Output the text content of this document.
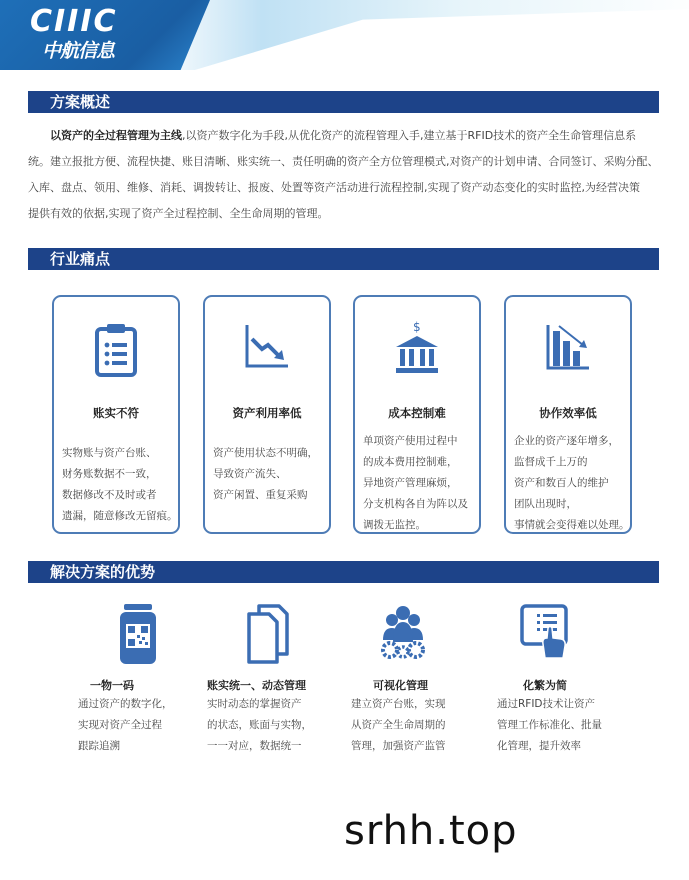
CIIIC
中航信息
方案概述
以资产的全过程管理为主线,以资产数字化为手段,从优化资产的流程管理入手,建立基于RFID技术的资产全生命管理信息系
统。建立报批方便、流程快捷、账目清晰、账实统一、责任明确的资产全方位管理模式,对资产的计划申请、合同签订、采购分配、
入库、盘点、领用、维修、消耗、调拨转让、报废、处置等资产活动进行流程控制,实现了资产动态变化的实时监控,为经营决策
提供有效的依据,实现了资产全过程控制、全生命周期的管理。
行业痛点
账实不符
实物账与资产台账、
财务账数据不一致，
数据修改不及时或者
遗漏，随意修改无留痕。
资产利用率低
资产使用状态不明确，
导致资产流失、
资产闲置、重复采购
$
成本控制难
单项资产使用过程中
的成本费用控制难，
异地资产管理麻烦，
分支机构各自为阵以及
调拨无监控。
协作效率低
企业的资产逐年增多，
监督成千上万的
资产和数百人的维护
团队出现时，
事情就会变得难以处理。
解决方案的优势
一物一码
通过资产的数字化，
实现对资产全过程
跟踪追溯
账实统一、动态管理
实时动态的掌握资产
的状态，账面与实物，
一一对应，数据统一
可视化管理
建立资产台账，实现
从资产全生命周期的
管理，加强资产监管
化繁为简
通过RFID技术让资产
管理工作标准化、批量
化管理，提升效率
srhh.top
